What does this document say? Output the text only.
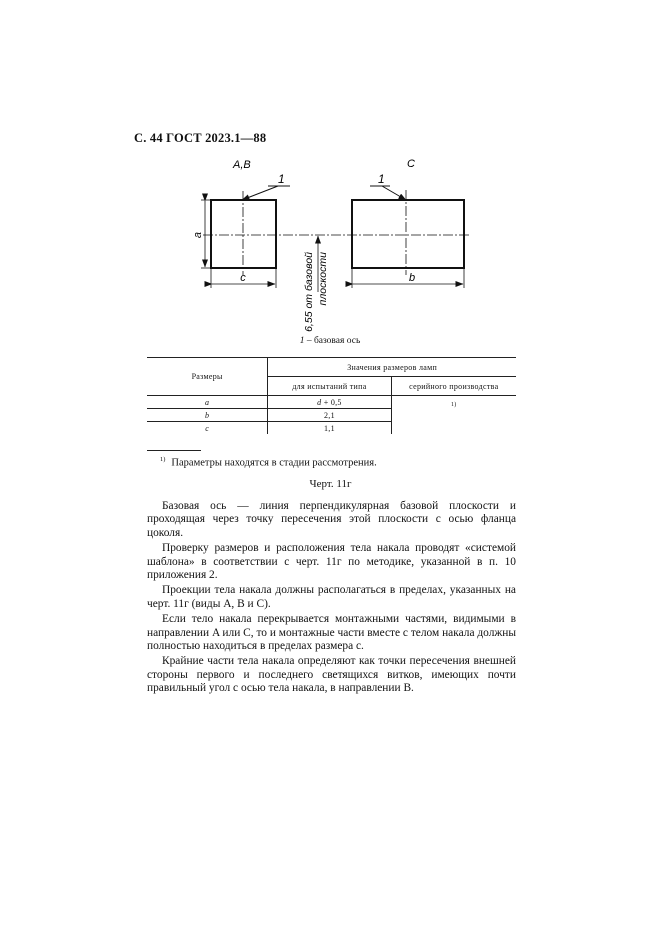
С. 44 ГОСТ 2023.1—88
A,B	C
1	1
a
c	b
6,55 от базовой плоскости
1 – базовая ось
Размеры	Значения размеров ламп	
	для испытаний типа	серийного производства
a	d + 0,5	1)
b	2,1	
c	1,1	
$^{1)}$ Параметры находятся в стадии рассмотрения.
Черт. 11г

Базовая ось — линия перпендикулярная базовой плоскости и проходящая через точку пересечения этой плоскости с осью фланца цоколя.

Проверку размеров и расположения тела накала проводят «системой шаблона» в соответствии с черт. 11г по методике, указанной в п. 10 приложения 2.

Проекции тела накала должны располагаться в пределах, указанных на черт. 11г (виды A, B и C).

Если тело накала перекрывается монтажными частями, видимыми в направлении A или C, то и монтажные части вместе с телом накала должны полностью находиться в пределах размера c.

Крайние части тела накала определяют как точки пересечения внешней стороны первого и последнего светящихся витков, имеющих почти правильный угол с осью тела накала, в направлении B.
